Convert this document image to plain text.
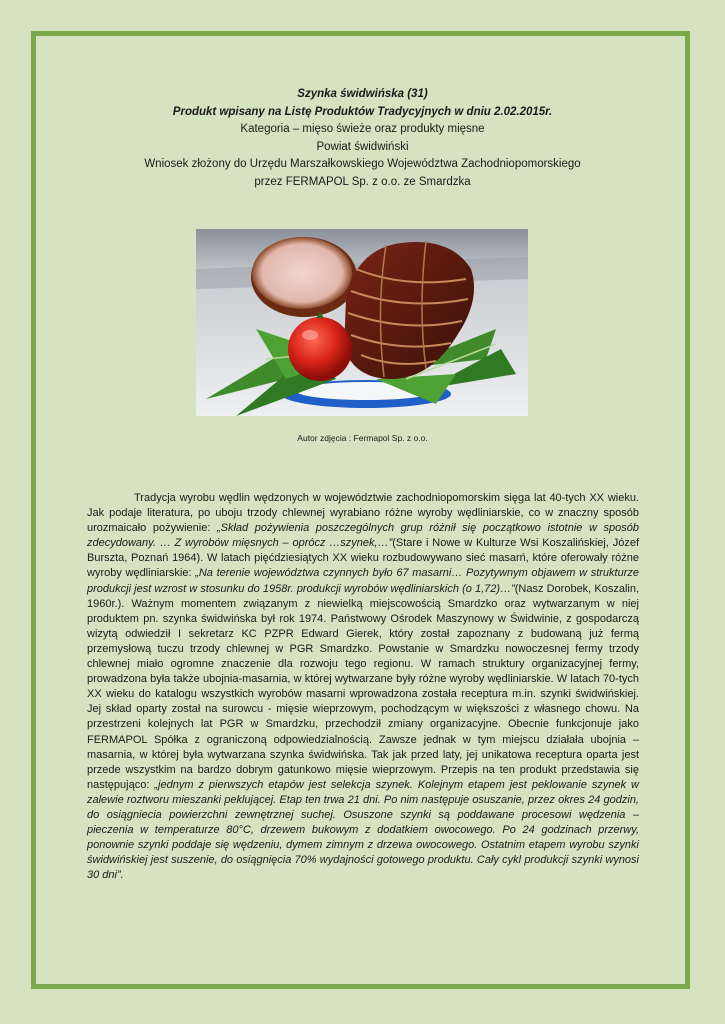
Szynka świdwińska (31)
Produkt wpisany na Listę Produktów Tradycyjnych w dniu 2.02.2015r.
Kategoria – mięso świeże oraz produkty mięsne
Powiat świdwiński
Wniosek złożony do Urzędu Marszałkowskiego Województwa Zachodniopomorskiego
przez FERMAPOL Sp. z o.o. ze Smardzka
Autor zdjęcia : Fermapol Sp. z o.o.

Tradycja wyrobu wędlin wędzonych w województwie zachodniopomorskim sięga lat 40-tych XX wieku. Jak podaje literatura, po uboju trzody chlewnej wyrabiano różne wyroby wędliniarskie, co w znaczny sposób urozmaicało pożywienie: „Skład pożywienia poszczególnych grup różnił się początkowo istotnie w sposób zdecydowany. … Z wyrobów mięsnych – oprócz …szynek,…”(Stare i Nowe w Kulturze Wsi Koszalińskiej, Józef Burszta, Poznań 1964). W latach pięćdziesiątych XX wieku rozbudowywano sieć masarń, które oferowały różne wyroby wędliniarskie: „Na terenie województwa czynnych było 67 masarni… Pozytywnym objawem w strukturze produkcji jest wzrost w stosunku do 1958r. produkcji wyrobów wędliniarskich (o 1,72)…”(Nasz Dorobek, Koszalin, 1960r.). Ważnym momentem związanym z niewielką miejscowością Smardzko oraz wytwarzanym w niej produktem pn. szynka świdwińska był rok 1974. Państwowy Ośrodek Maszynowy w Świdwinie, z gospodarczą wizytą odwiedził I sekretarz KC PZPR Edward Gierek, który został zapoznany z budowaną już fermą przemysłową tuczu trzody chlewnej w PGR Smardzko. Powstanie w Smardzku nowoczesnej fermy trzody chlewnej miało ogromne znaczenie dla rozwoju tego regionu. W ramach struktury organizacyjnej fermy, prowadzona była także ubojnia-masarnia, w której wytwarzane były różne wyroby wędliniarskie. W latach 70-tych XX wieku do katalogu wszystkich wyrobów masarni wprowadzona została receptura m.in. szynki świdwińskiej. Jej skład oparty został na surowcu - mięsie wieprzowym, pochodzącym w większości z własnego chowu. Na przestrzeni kolejnych lat PGR w Smardzku, przechodził zmiany organizacyjne. Obecnie funkcjonuje jako FERMAPOL Spółka z ograniczoną odpowiedzialnością. Zawsze jednak w tym miejscu działała ubojnia –masarnia, w której była wytwarzana szynka świdwińska. Tak jak przed laty, jej unikatowa receptura oparta jest przede wszystkim na bardzo dobrym gatunkowo mięsie wieprzowym. Przepis na ten produkt przedstawia się następująco: „jednym z pierwszych etapów jest selekcja szynek. Kolejnym etapem jest peklowanie szynek w zalewie roztworu mieszanki peklującej. Etap ten trwa 21 dni. Po nim następuje osuszanie, przez okres 24 godzin, do osiągniecia powierzchni zewnętrznej suchej. Osuszone szynki są poddawane procesowi wędzenia – pieczenia w temperaturze 80°C, drzewem bukowym z dodatkiem owocowego. Po 24 godzinach przerwy, ponownie szynki poddaje się wędzeniu, dymem zimnym z drzewa owocowego. Ostatnim etapem wyrobu szynki świdwińskiej jest suszenie, do osiągnięcia 70% wydajności gotowego produktu. Cały cykl produkcji szynki wynosi 30 dni”.
